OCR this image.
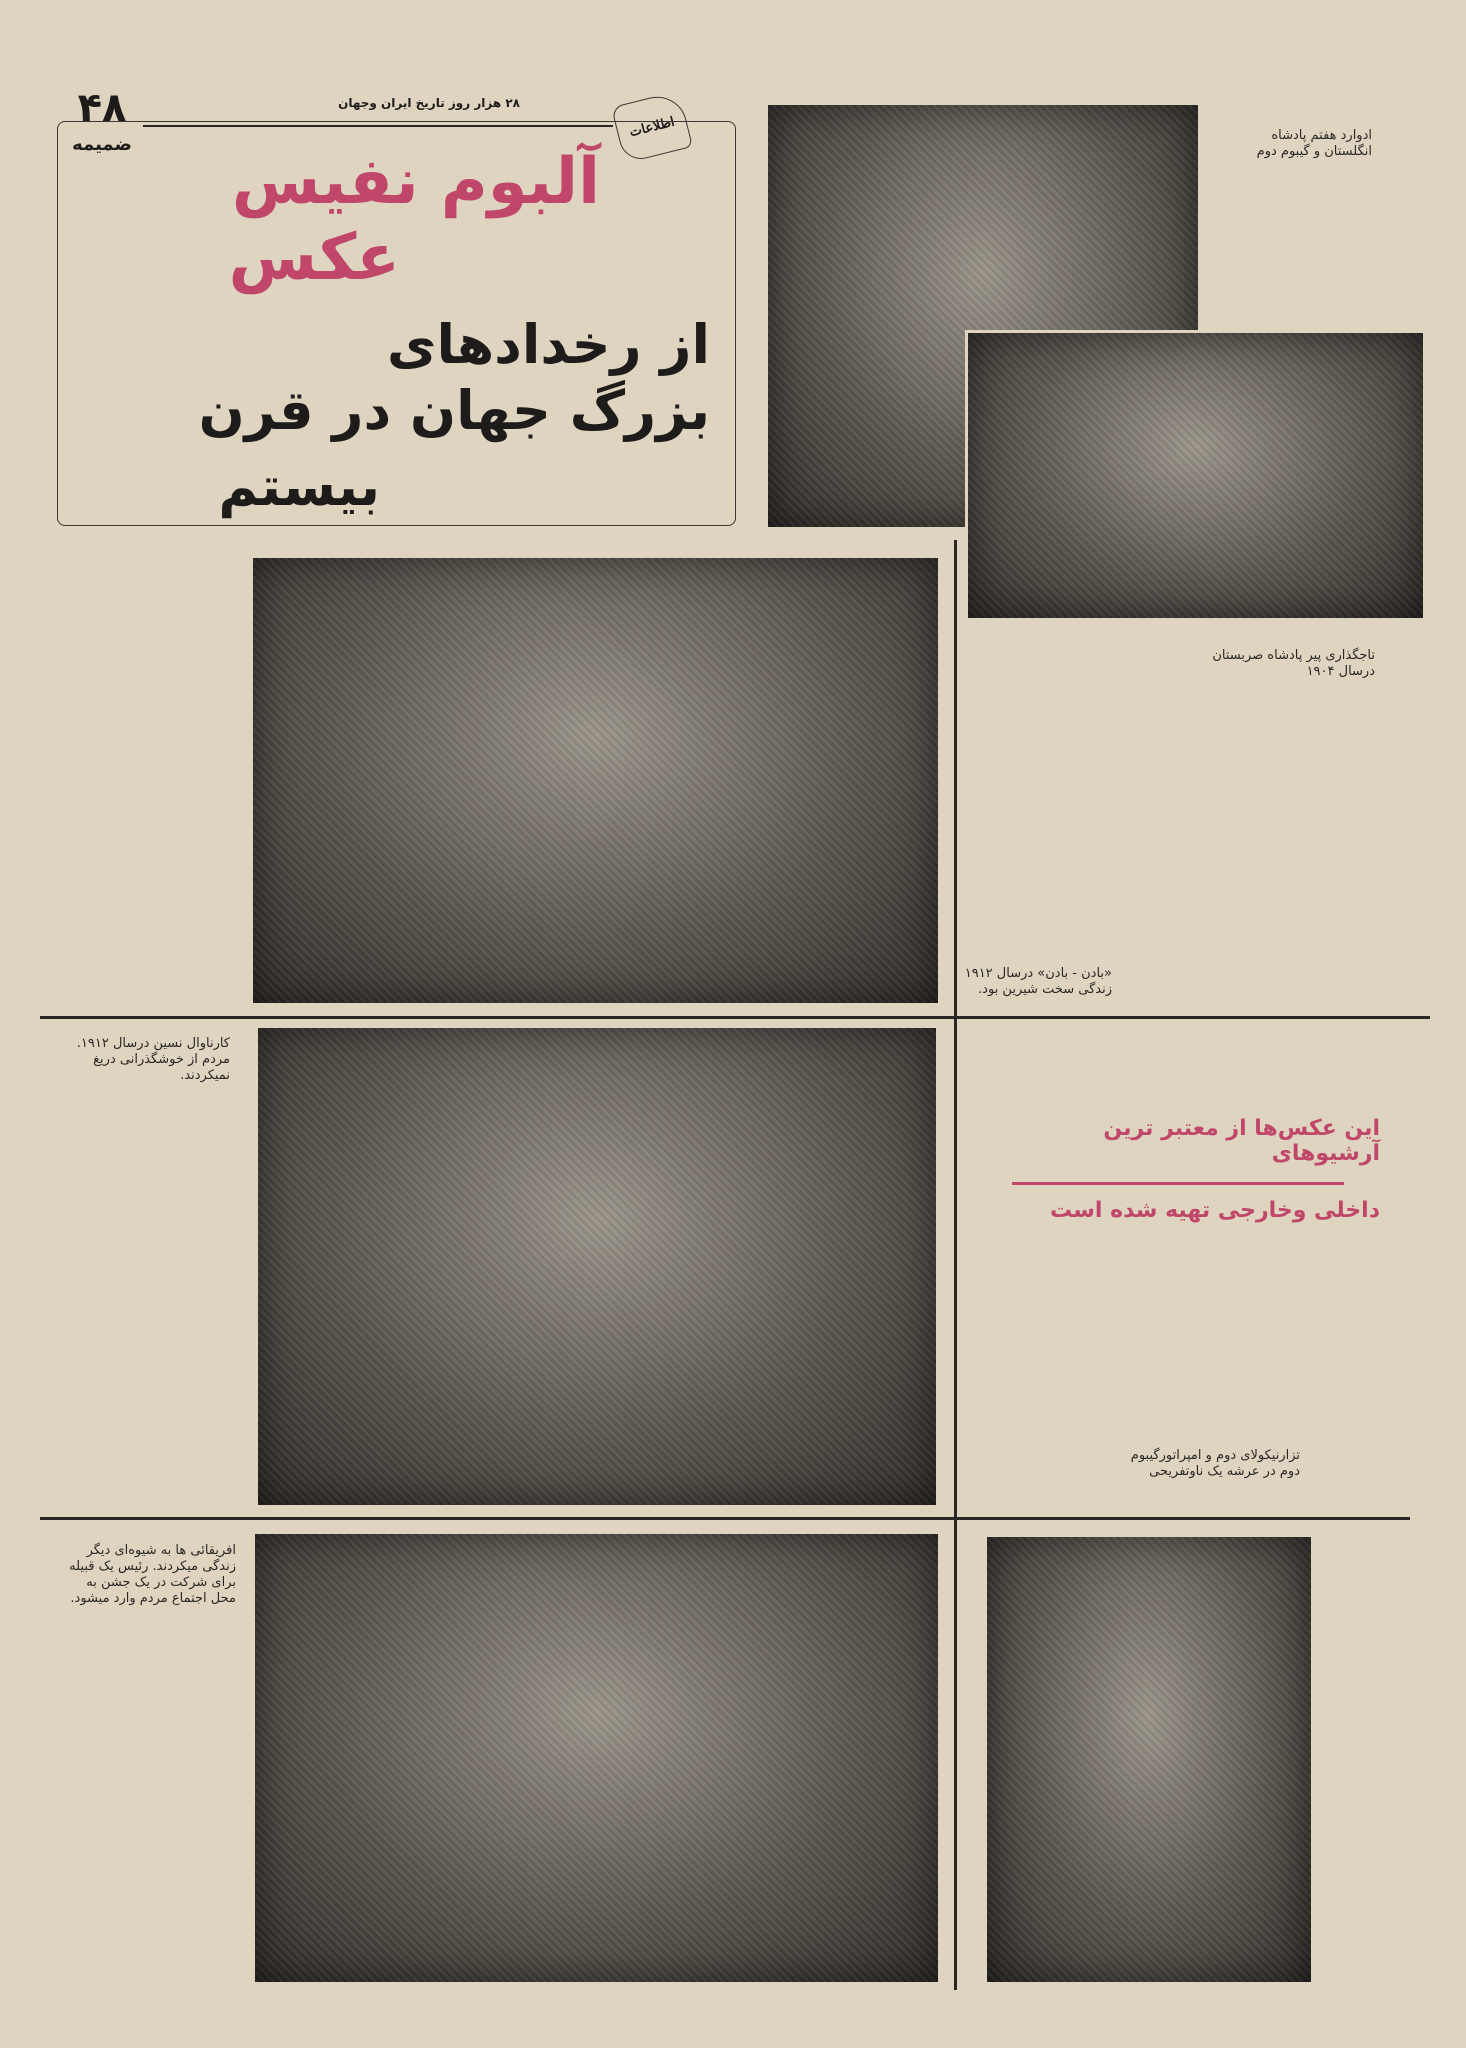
۴۸
ضمیمه
۲۸ هزار روز تاریخ ایران وجهان
اطلاعات
آلبوم نفیس
عکس
از رخدادهای
بزرگ جهان در قرن
بیستم
ادوارد هفتم پادشاه انگلستان و گیبوم دوم
تاجگذاری پیر پادشاه صربستان درسال ۱۹۰۴
«بادن - بادن» درسال ۱۹۱۲ زندگی سخت شیرین بود.
کارناوال نسین درسال ۱۹۱۲. مردم از خوشگذرانی دریغ نمیکردند.
این عکس‌ها از معتبر ترین آرشیوهای
داخلی وخارجی تهیه شده است
تزارنیکولای دوم و امپراتورگیبوم دوم در عرشه یک ناوتفریحی
افریقائی ها به شیوه‌ای دیگر زندگی میکردند. رئیس یک قبیله برای شرکت در یک جشن به محل اجتماع مردم وارد میشود.
